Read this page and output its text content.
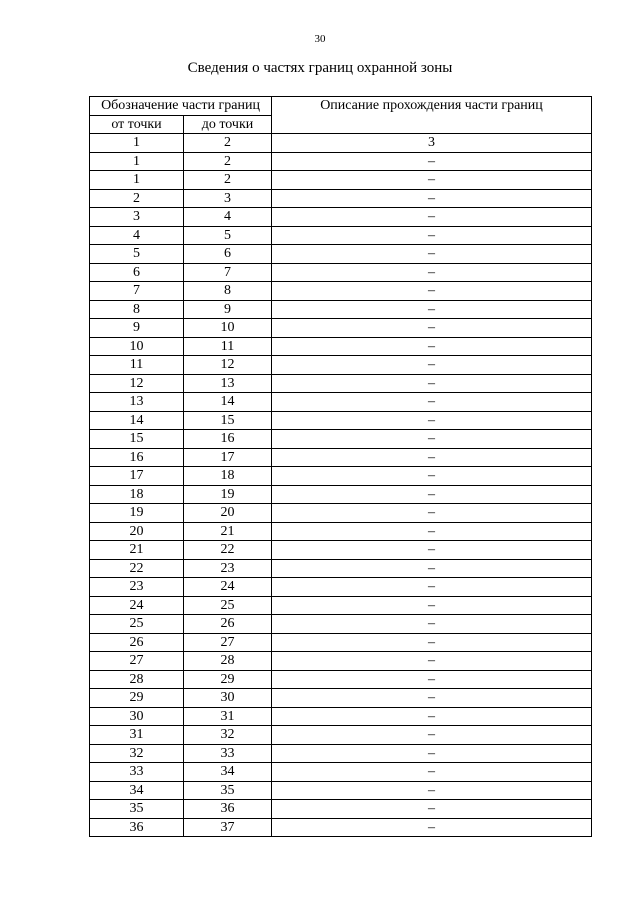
30
Сведения о частях границ охранной зоны
Обозначение части границ		Описание прохождения части границ
от точки	до точки	
1	2	3
1	2	–
1	2	–
2	3	–
3	4	–
4	5	–
5	6	–
6	7	–
7	8	–
8	9	–
9	10	–
10	11	–
11	12	–
12	13	–
13	14	–
14	15	–
15	16	–
16	17	–
17	18	–
18	19	–
19	20	–
20	21	–
21	22	–
22	23	–
23	24	–
24	25	–
25	26	–
26	27	–
27	28	–
28	29	–
29	30	–
30	31	–
31	32	–
32	33	–
33	34	–
34	35	–
35	36	–
36	37	–
